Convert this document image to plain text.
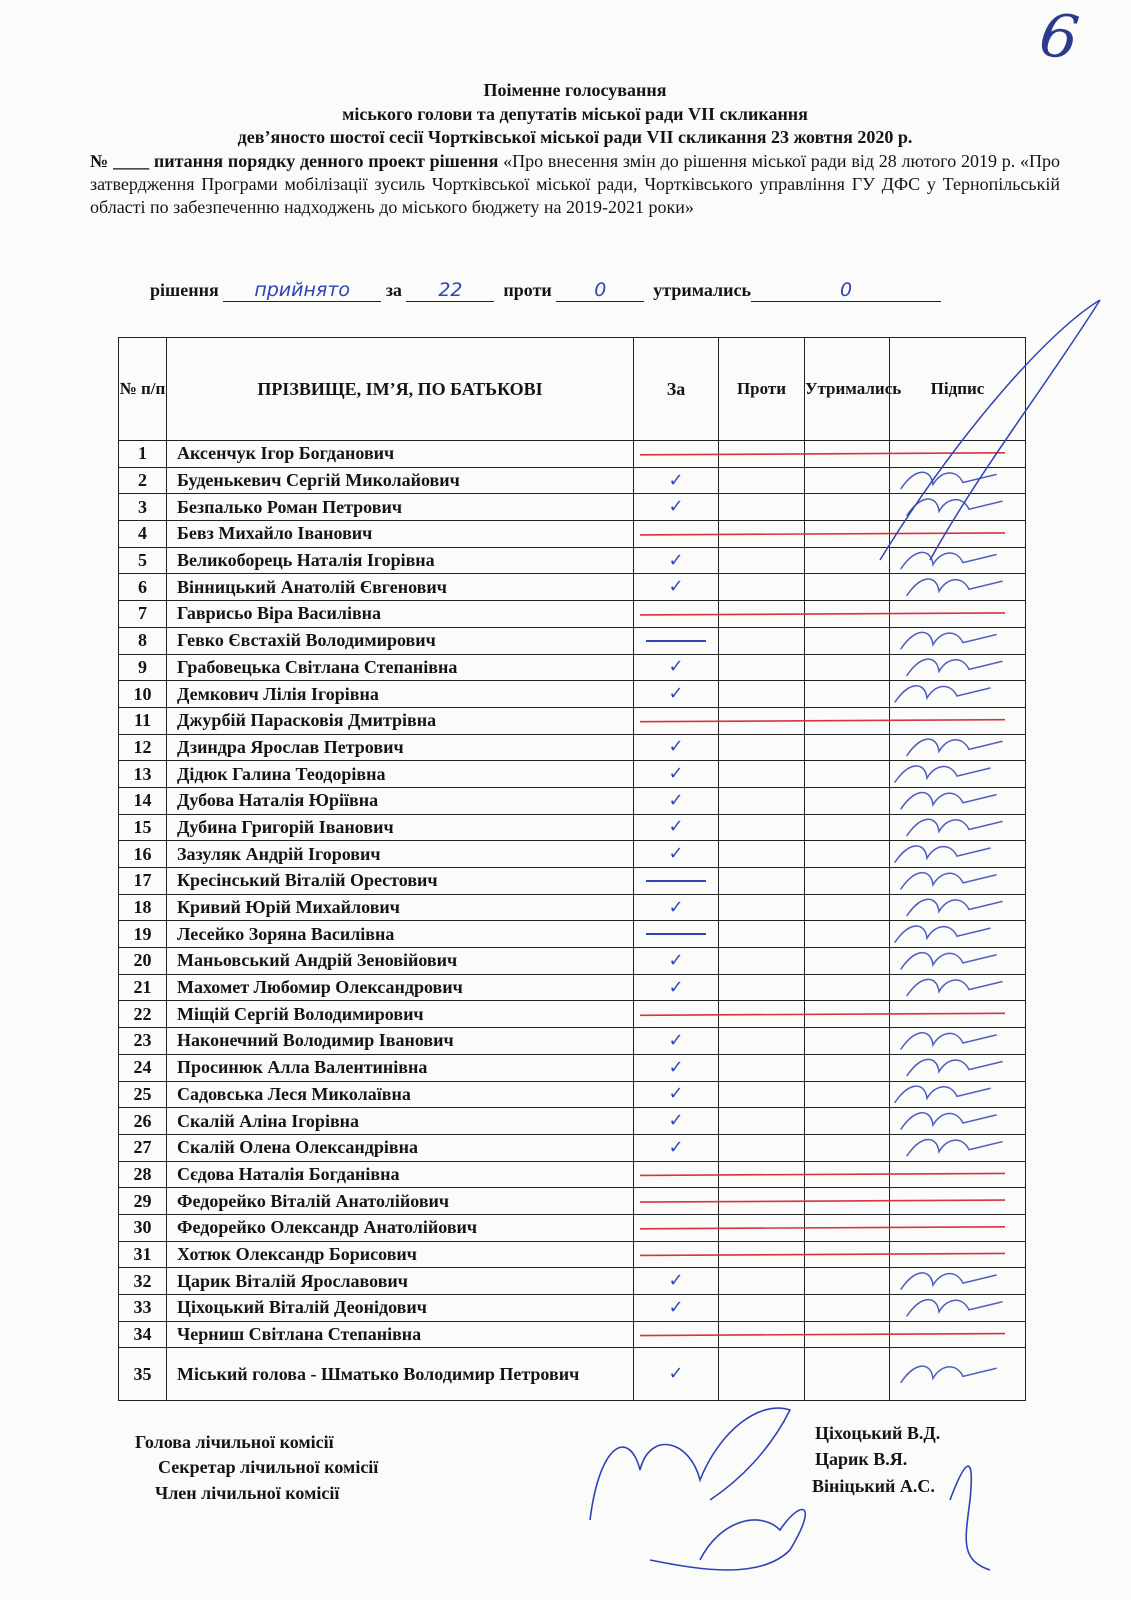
6
Поіменне голосування
міського голови та депутатів міської ради VII скликання
дев’яносто шостої сесії Чортківської міської ради VII скликання 23 жовтня 2020 р.
№ ____ питання порядку денного проект рішення «Про внесення змін до рішення міської ради від 28 лютого 2019 р. «Про затвердження Програми мобілізації зусиль Чортківської міської ради, Чортківського управління ГУ ДФС у Тернопільській області по забезпеченню надходжень до міського бюджету на 2019-2021 роки»
рішення прийнято за 22 проти 0	утримались	0
№ п/п	ПРІЗВИЩЕ, ІМ’Я, ПО БАТЬКОВІ	За	Проти	Утримались	Підпис
1	Аксенчук Ігор Богданович				
2	Буденькевич Сергій Миколайович	✓			
3	Безпалько Роман Петрович	✓			
4	Бевз Михайло Іванович				
5	Великоборець Наталія Ігорівна	✓			
6	Вінницький Анатолій Євгенович	✓			
7	Гаврисьо Віра Василівна				
8	Гевко Євстахій Володимирович	

9	Грабовецька Світлана Степанівна	✓			
10	Демкович Лілія Ігорівна	✓			
11	Джурбій Парасковія Дмитрівна				
12	Дзиндра Ярослав Петрович	✓			
13	Дідюк Галина Теодорівна	✓			
14	Дубова Наталія Юріївна	✓			
15	Дубина Григорій Іванович	✓			
16	Зазуляк Андрій Ігорович	✓			
17	Кресінський Віталій Орестович	

18	Кривий Юрій Михайлович	✓			
19	Лесейко Зоряна Василівна	

20	Маньовський Андрій Зеновійович	✓			
21	Махомет Любомир Олександрович	✓			
22	Міщій Сергій Володимирович				
23	Наконечний Володимир Іванович	✓			
24	Просинюк Алла Валентинівна	✓			
25	Садовська Леся Миколаївна	✓			
26	Скалій Аліна Ігорівна	✓			
27	Скалій Олена Олександрівна	✓			
28	Сєдова Наталія Богданівна				
29	Федорейко Віталій Анатолійович				
30	Федорейко Олександр Анатолійович				
31	Хотюк Олександр Борисович				
32	Царик Віталій Ярославович	✓			
33	Ціхоцький Віталій Деонідович	✓			
34	Черниш Світлана Степанівна				
35	Міський голова - Шматько Володимир Петрович	✓			
Голова лічильної комісії
Секретар лічильної комісії
Член лічильної комісії
Ціхоцький В.Д.
Царик В.Я.
Вініцький А.С.
